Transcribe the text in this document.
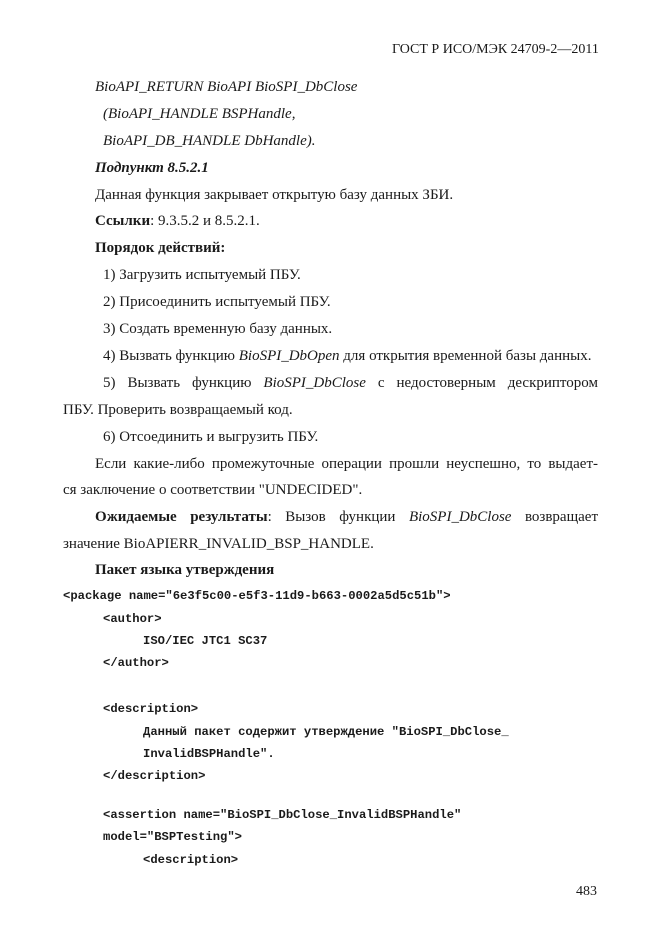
ГОСТ Р ИСО/МЭК 24709-2—2011
BioAPI_RETURN BioAPI BioSPI_DbClose
(BioAPI_HANDLE BSPHandle,
BioAPI_DB_HANDLE DbHandle).
Подпункт 8.5.2.1
Данная функция закрывает открытую базу данных ЗБИ.
Ссылки: 9.3.5.2 и 8.5.2.1.
Порядок действий:
1) Загрузить испытуемый ПБУ.
2) Присоединить испытуемый ПБУ.
3) Создать временную базу данных.
4) Вызвать функцию BioSPI_DbOpen для открытия временной базы данных.
5) Вызвать функцию BioSPI_DbClose с недостоверным дескриптором
ПБУ. Проверить возвращаемый код.
6) Отсоединить и выгрузить ПБУ.
Если какие-либо промежуточные операции прошли неуспешно, то выдает-
ся заключение о соответствии "UNDECIDED".
Ожидаемые результаты: Вызов функции BioSPI_DbClose возвращает
значение BioAPIERR_INVALID_BSP_HANDLE.
Пакет языка утверждения
<package name="6e3f5c00-e5f3-11d9-b663-0002a5d5c51b">
<author>
ISO/IEC JTC1 SC37
</author>
<description>
Данный пакет содержит утверждение "BioSPI_DbClose_
InvalidBSPHandle".
</description>
<assertion name="BioSPI_DbClose_InvalidBSPHandle"
model="BSPTesting">
<description>
483
